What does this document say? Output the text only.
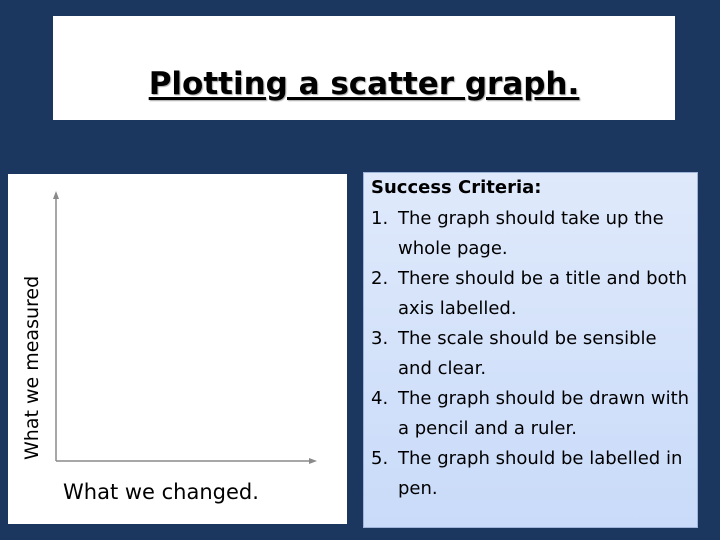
Plotting a scatter graph.
What we measured
What we changed.
Success Criteria:
1. The graph should take up the whole page.
2. There should be a title and both axis labelled.
3. The scale should be sensible and clear.
4. The graph should be drawn with a pencil and a ruler.
5. The graph should be labelled in pen.
